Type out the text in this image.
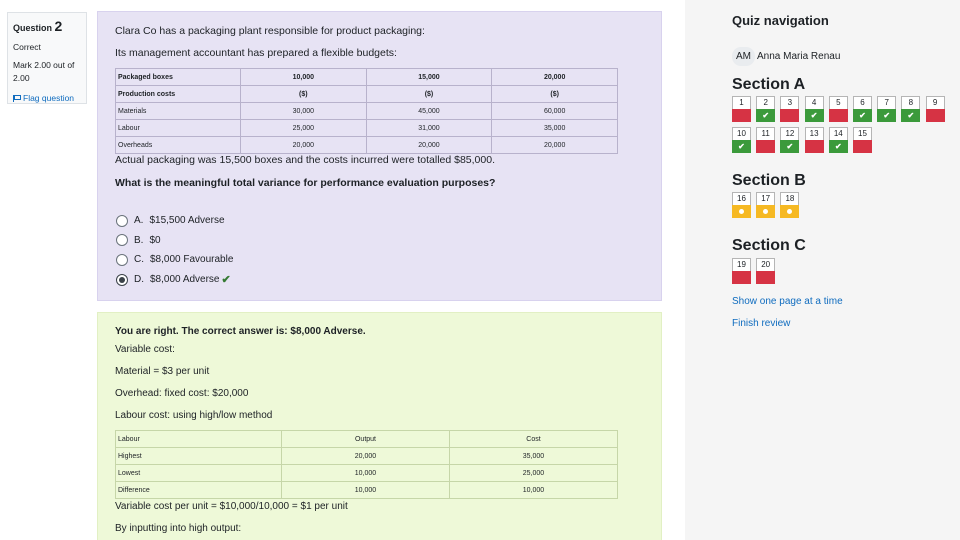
Question 2
Correct
Mark 2.00 out of
2.00
Flag question
Clara Co has a packaging plant responsible for product packaging:
Its management accountant has prepared a flexible budgets:
Packaged boxes	10,000	15,000	20,000
Production costs	($)	($)	($)
Materials	30,000	45,000	60,000
Labour	25,000	31,000	35,000
Overheads	20,000	20,000	20,000
Actual packaging was 15,500 boxes and the costs incurred were totalled $85,000.
What is the meaningful total variance for performance evaluation purposes?
A. $15,500 Adverse
B. $0
C. $8,000 Favourable
D. $8,000 Adverse ✔
You are right. The correct answer is: $8,000 Adverse.
Variable cost:
Material = $3 per unit
Overhead: fixed cost: $20,000
Labour cost: using high/low method
Labour	Output	Cost
Highest	20,000	35,000
Lowest	10,000	25,000
Difference	10,000	10,000
Variable cost per unit = $10,000/10,000 = $1 per unit
By inputting into high output:
Quiz navigation
AM Anna Maria Renau
Section A
Section B
Section C
1	2
✔
3	4
✔
5	6
✔
7
✔
8
✔
9
10
✔
11	12
✔
13	14
✔
15
16	17	18
19	20
Show one page at a time
Finish review
